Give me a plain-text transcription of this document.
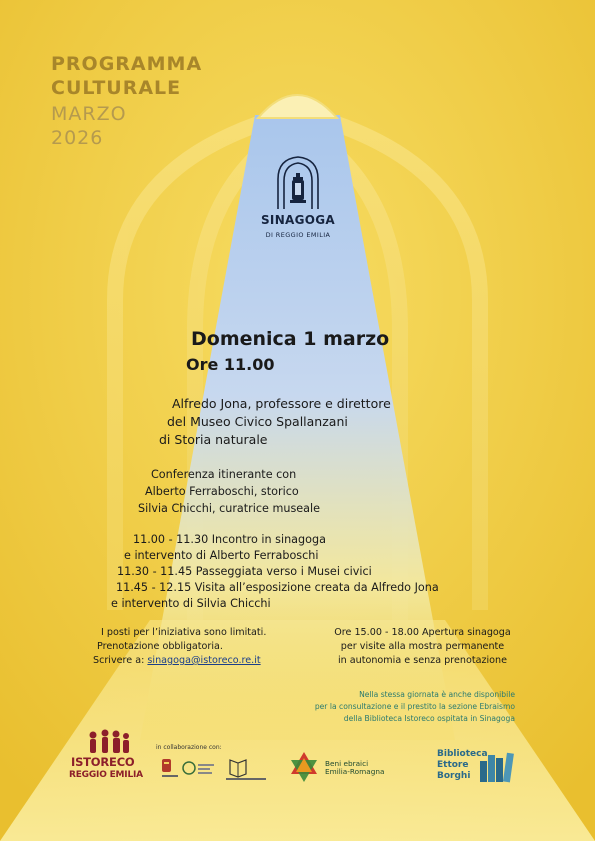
PROGRAMMA
CULTURALE
MARZO
2026
SINAGOGA
DI REGGIO EMILIA
Domenica 1 marzo
Ore 11.00
Alfredo Jona, professore e direttore
del Museo Civico Spallanzani
di Storia naturale
Conferenza itinerante con
Alberto Ferraboschi, storico
Silvia Chicchi, curatrice museale
11.00 - 11.30 Incontro in sinagoga
e intervento di Alberto Ferraboschi
11.30 - 11.45 Passeggiata verso i Musei civici
11.45 - 12.15 Visita all’esposizione creata da Alfredo Jona
e intervento di Silvia Chicchi
I posti per l’iniziativa sono limitati.
Prenotazione obbligatoria.
Scrivere a: sinagoga@istoreco.re.it
Ore 15.00 - 18.00 Apertura sinagoga
per visite alla mostra permanente
in autonomia e senza prenotazione
Nella stessa giornata è anche disponibile
per la consultazione e il prestito la sezione Ebraismo
della Biblioteca Istoreco ospitata in Sinagoga
ISTORECO
REGGIO EMILIA
in collaborazione con:
Beni ebraici
Emilia-Romagna
Biblioteca
Ettore
Borghi
